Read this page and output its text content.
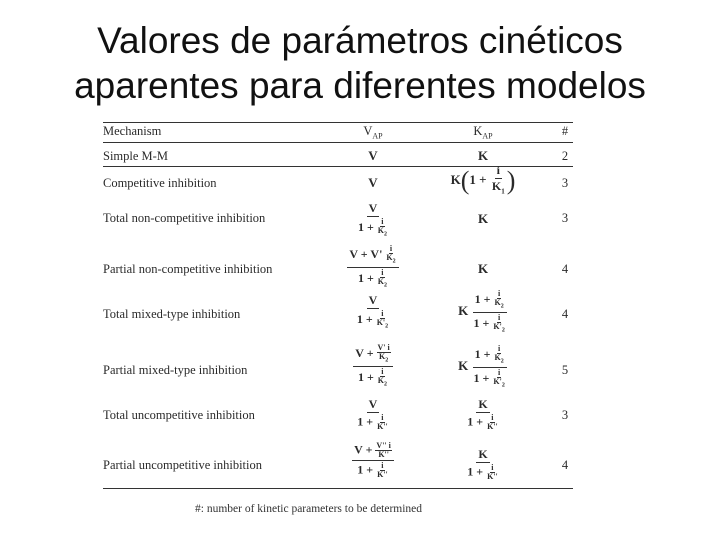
Valores de parámetros cinéticos
aparentes para diferentes modelos
Mechanism	$V_{AP}$	$K_{AP}$	#
Simple M-M	V	K	2
Competitive inhibition	V	$K(1 + \frac{i}{K_1}$ )	3
Total non-competitive inhibition	$\frac{V}{1 + \frac{i}{K_2}}$	K	3
Partial non-competitive inhibition	$\frac{V + V' \frac{i}{K_2}}{1 + \frac{i}{K_2}}$	K	4
Total mixed-type inhibition	$\frac{V}{1 + \frac{i}{K'_2}}$	K $\frac{1 + \frac{i}{K_2}}{1 + \frac{i}{K'_2}}$	4
Partial mixed-type inhibition	$\frac{V + \frac{V' i}{K_2}}{1 + \frac{i}{K_2}}$	K $\frac{1 + \frac{i}{K_2}}{1 + \frac{i}{K'_2}}$	5
Total uncompetitive inhibition	$\frac{V}{1 + \frac{i}{K''}}$	$\frac{K}{1 + \frac{i}{K''}}$	3
Partial uncompetitive inhibition	$\frac{V + \frac{V'' i}{K''}}{1 + \frac{i}{K''}}$	$\frac{K}{1 + \frac{i}{K''}}$	4
#: number of kinetic parameters to be determined
